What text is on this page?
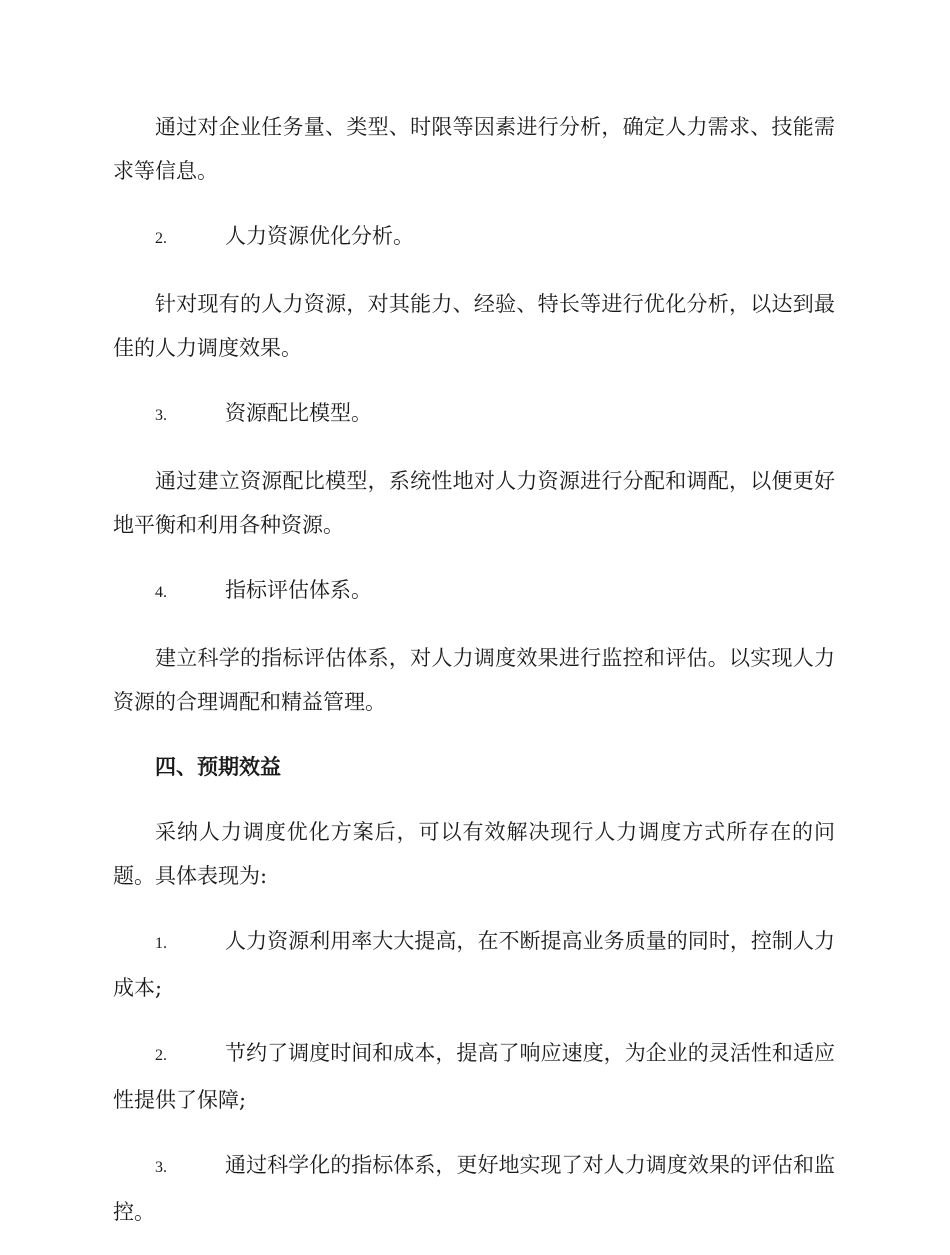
通过对企业任务量、类型、时限等因素进行分析，确定人力需求、技能需求等信息。

2.	人力资源优化分析。

针对现有的人力资源，对其能力、经验、特长等进行优化分析，以达到最佳的人力调度效果。

3.	资源配比模型。

通过建立资源配比模型，系统性地对人力资源进行分配和调配，以便更好地平衡和利用各种资源。

4.	指标评估体系。

建立科学的指标评估体系，对人力调度效果进行监控和评估。以实现人力资源的合理调配和精益管理。

四、预期效益

采纳人力调度优化方案后，可以有效解决现行人力调度方式所存在的问题。具体表现为:

1.	人力资源利用率大大提高，在不断提高业务质量的同时，控制人力成本;

2.	节约了调度时间和成本，提高了响应速度，为企业的灵活性和适应性提供了保障;

3.	通过科学化的指标体系，更好地实现了对人力调度效果的评估和监控。
